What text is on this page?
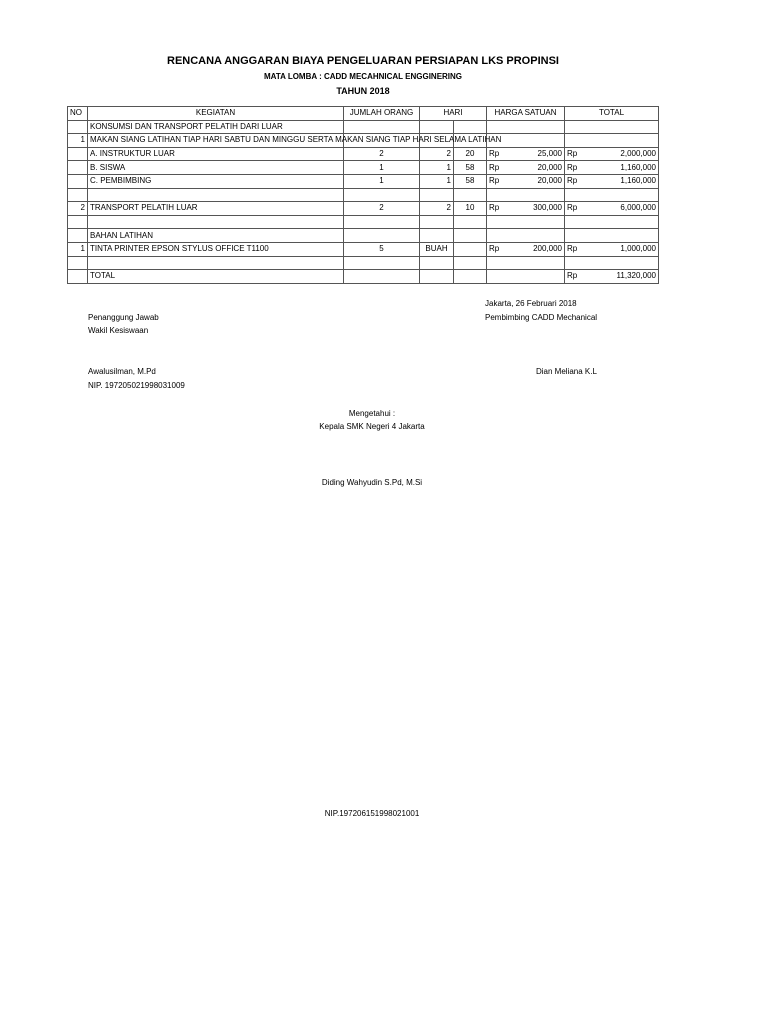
RENCANA ANGGARAN BIAYA PENGELUARAN PERSIAPAN LKS PROPINSI
MATA LOMBA : CADD MECAHNICAL ENGGINERING
TAHUN 2018
NO	KEGIATAN	JUMLAH ORANG	HARI		HARGA SATUAN	TOTAL
	KONSUMSI DAN TRANSPORT PELATIH DARI LUAR					
1	MAKAN SIANG LATIHAN TIAP HARI SABTU DAN MINGGU SERTA MAKAN SIANG TIAP HARI SELAMA LATIHAN					

	A. INSTRUKTUR LUAR	2	2	20	Rp 25,000	Rp 2,000,000

	B. SISWA	1	1	58	Rp 20,000	Rp 1,160,000

	C. PEMBIMBING	1	1	58	Rp 20,000	Rp 1,160,000

2	TRANSPORT PELATIH LUAR	2	2	10	Rp 300,000	Rp 6,000,000

	BAHAN LATIHAN					
1	TINTA PRINTER EPSON STYLUS OFFICE T1100	5	BUAH		Rp 200,000	Rp 1,000,000

	TOTAL					Rp 11,320,000
Jakarta, 26 Februari 2018
Penanggung Jawab	Pembimbing CADD Mechanical
Wakil Kesiswaan
Awalusilman, M.Pd	Dian Meliana K.L
NIP. 197205021998031009
Mengetahui :
Kepala SMK Negeri 4 Jakarta
Diding Wahyudin S.Pd, M.Si
NIP.197206151998021001
